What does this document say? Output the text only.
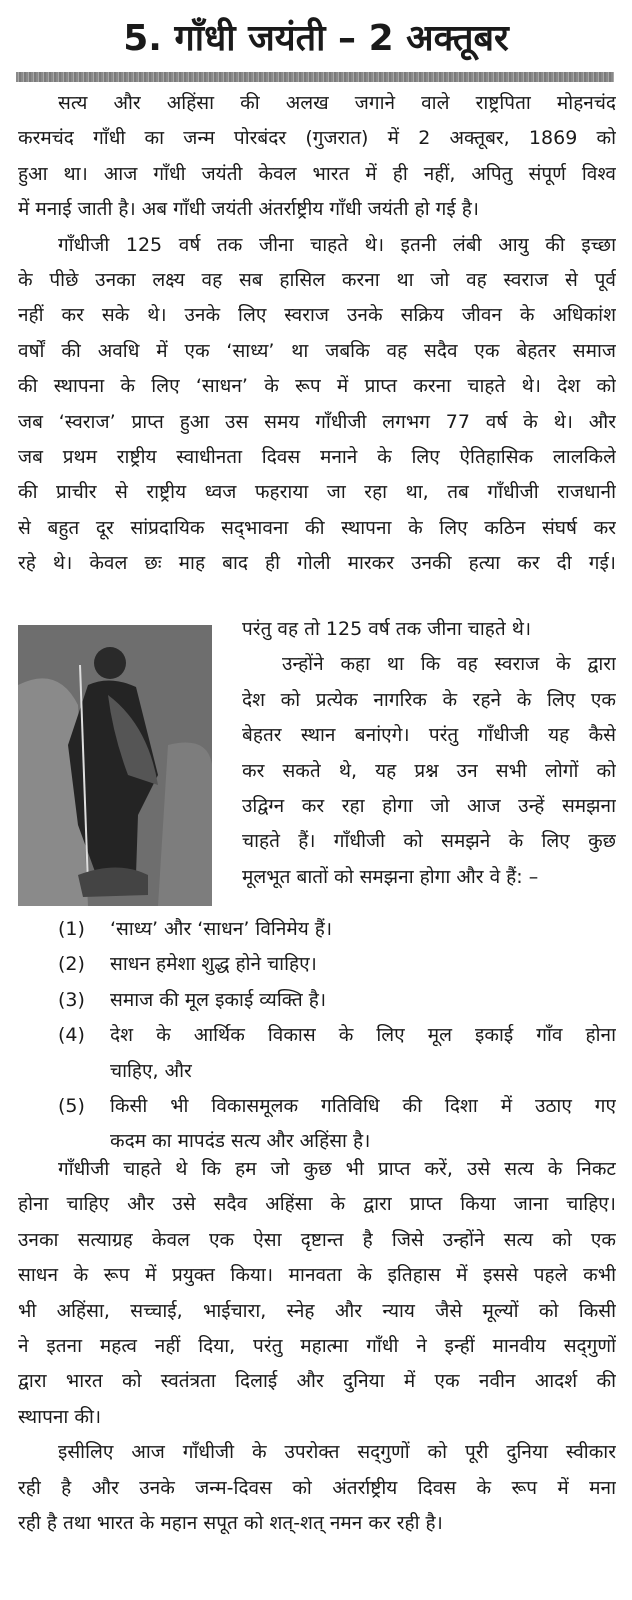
5. गाँधी जयंती – 2 अक्तूबर
सत्य और अहिंसा की अलख जगाने वाले राष्ट्रपिता मोहनचंद
करमचंद गाँधी का जन्म पोरबंदर (गुजरात) में 2 अक्तूबर, 1869 को
हुआ था। आज गाँधी जयंती केवल भारत में ही नहीं, अपितु संपूर्ण विश्व
में मनाई जाती है। अब गाँधी जयंती अंतर्राष्ट्रीय गाँधी जयंती हो गई है।
गाँधीजी 125 वर्ष तक जीना चाहते थे। इतनी लंबी आयु की इच्छा
के पीछे उनका लक्ष्य वह सब हासिल करना था जो वह स्वराज से पूर्व
नहीं कर सके थे। उनके लिए स्वराज उनके सक्रिय जीवन के अधिकांश
वर्षों की अवधि में एक ‘साध्य’ था जबकि वह सदैव एक बेहतर समाज
की स्थापना के लिए ‘साधन’ के रूप में प्राप्त करना चाहते थे। देश को
जब ‘स्वराज’ प्राप्त हुआ उस समय गाँधीजी लगभग 77 वर्ष के थे। और
जब प्रथम राष्ट्रीय स्वाधीनता दिवस मनाने के लिए ऐतिहासिक लालकिले
की प्राचीर से राष्ट्रीय ध्वज फहराया जा रहा था, तब गाँधीजी राजधानी
से बहुत दूर सांप्रदायिक सद्‌भावना की स्थापना के लिए कठिन संघर्ष कर
रहे थे। केवल छः माह बाद ही गोली मारकर उनकी हत्या कर दी गई।
परंतु वह तो 125 वर्ष तक जीना चाहते थे।
उन्होंने कहा था कि वह स्वराज के द्वारा
देश को प्रत्येक नागरिक के रहने के लिए एक
बेहतर स्थान बनांएगे। परंतु गाँधीजी यह कैसे
कर सकते थे, यह प्रश्न उन सभी लोगों को
उद्विग्न कर रहा होगा जो आज उन्हें समझना
चाहते हैं। गाँधीजी को समझने के लिए कुछ
मूलभूत बातों को समझना होगा और वे हैं: –
(1)	‘साध्य’ और ‘साधन’ विनिमेय हैं।
(2)	साधन हमेशा शुद्ध होने चाहिए।
(3)	समाज की मूल इकाई व्यक्ति है।
(4)	देश के आर्थिक विकास के लिए मूल इकाई गाँव होना
चाहिए, और
(5)	किसी भी विकासमूलक गतिविधि की दिशा में उठाए गए
कदम का मापदंड सत्य और अहिंसा है।
गाँधीजी चाहते थे कि हम जो कुछ भी प्राप्त करें, उसे सत्य के निकट
होना चाहिए और उसे सदैव अहिंसा के द्वारा प्राप्त किया जाना चाहिए।
उनका सत्याग्रह केवल एक ऐसा दृष्टान्त है जिसे उन्होंने सत्य को एक
साधन के रूप में प्रयुक्त किया। मानवता के इतिहास में इससे पहले कभी
भी अहिंसा, सच्चाई, भाईचारा, स्नेह और न्याय जैसे मूल्यों को किसी
ने इतना महत्व नहीं दिया, परंतु महात्मा गाँधी ने इन्हीं मानवीय सद्‌गुणों
द्वारा भारत को स्वतंत्रता दिलाई और दुनिया में एक नवीन आदर्श की
स्थापना की।
इसीलिए आज गाँधीजी के उपरोक्त सद्‌गुणों को पूरी दुनिया स्वीकार
रही है और उनके जन्म-दिवस को अंतर्राष्ट्रीय दिवस के रूप में मना
रही है तथा भारत के महान सपूत को शत्-शत् नमन कर रही है।
